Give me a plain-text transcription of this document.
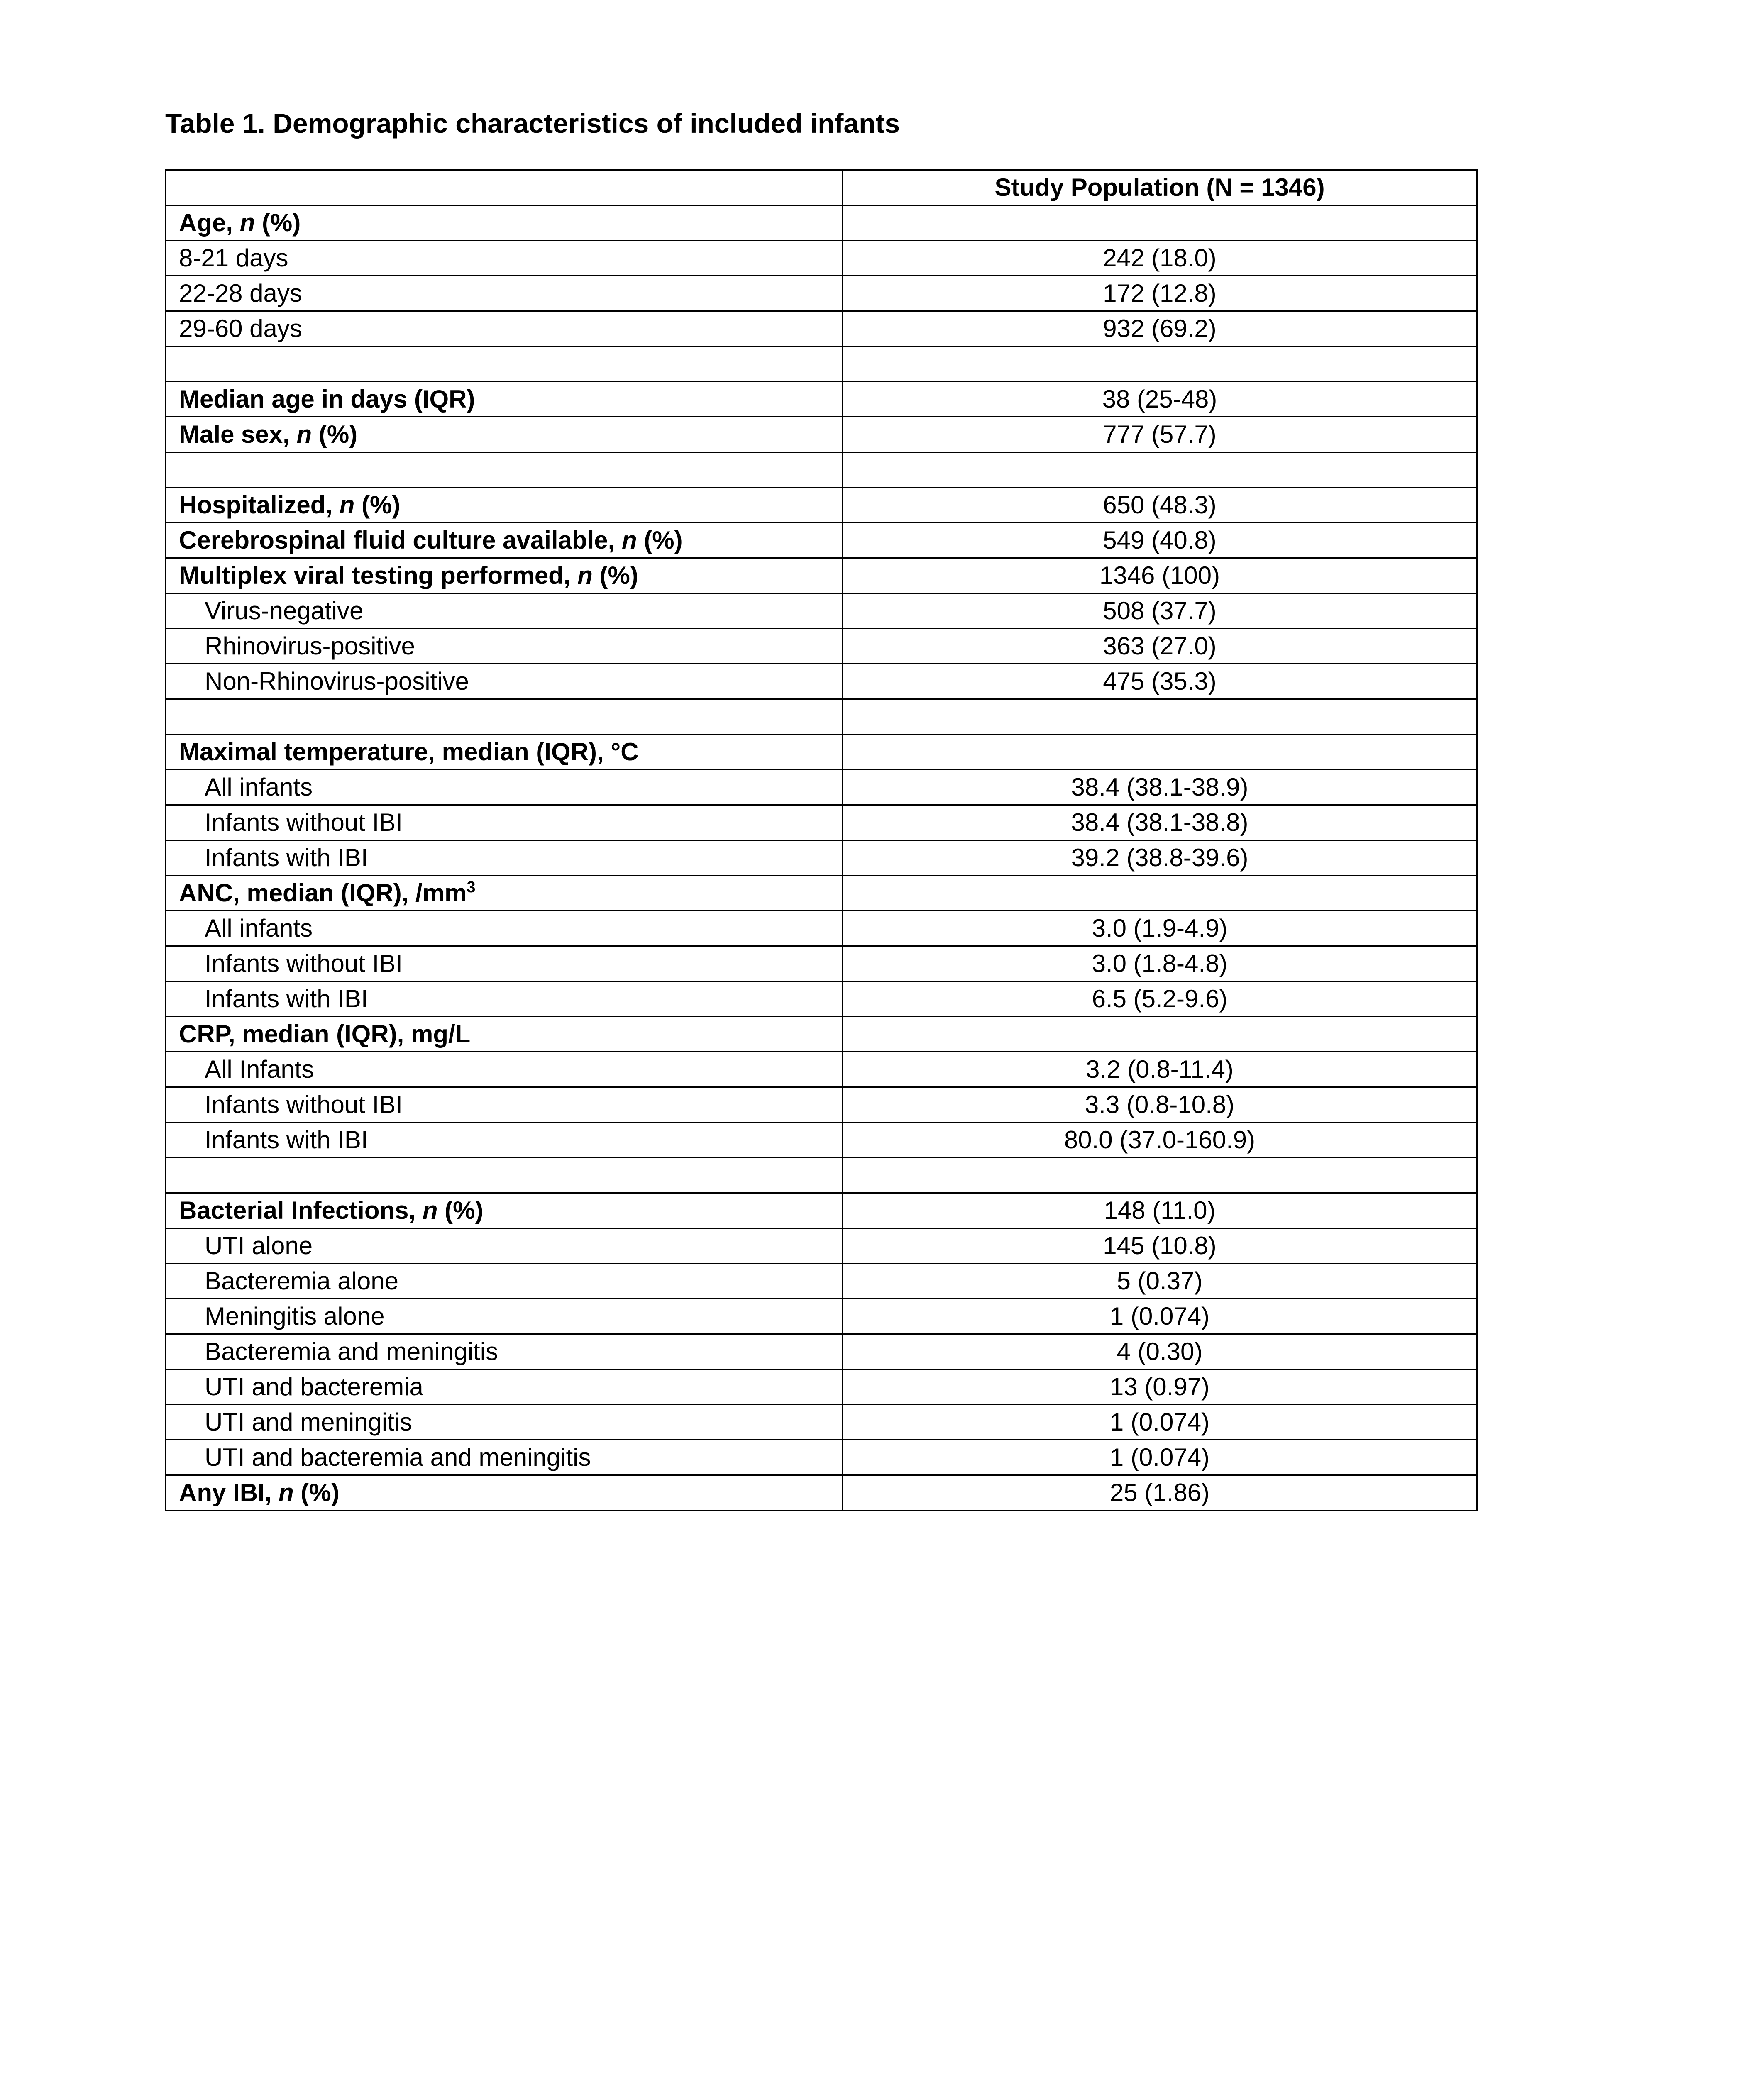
Table 1. Demographic characteristics of included infants
	Study Population (N = 1346)
Age, n (%)	
8-21 days	242 (18.0)
22-28 days	172 (12.8)
29-60 days	932 (69.2)

Median age in days (IQR)	38 (25-48)
Male sex, n (%)	777 (57.7)

Hospitalized, n (%)	650 (48.3)
Cerebrospinal fluid culture available, n (%)	549 (40.8)
Multiplex viral testing performed, n (%)	1346 (100)
Virus-negative	508 (37.7)
Rhinovirus-positive	363 (27.0)
Non-Rhinovirus-positive	475 (35.3)

Maximal temperature, median (IQR), °C	
All infants	38.4 (38.1-38.9)
Infants without IBI	38.4 (38.1-38.8)
Infants with IBI	39.2 (38.8-39.6)
ANC, median (IQR), $/mm^3$	
All infants	3.0 (1.9-4.9)
Infants without IBI	3.0 (1.8-4.8)
Infants with IBI	6.5 (5.2-9.6)
CRP, median (IQR), mg/L	
All Infants	3.2 (0.8-11.4)
Infants without IBI	3.3 (0.8-10.8)
Infants with IBI	80.0 (37.0-160.9)

Bacterial Infections, n (%)	148 (11.0)
UTI alone	145 (10.8)
Bacteremia alone	5 (0.37)
Meningitis alone	1 (0.074)
Bacteremia and meningitis	4 (0.30)
UTI and bacteremia	13 (0.97)
UTI and meningitis	1 (0.074)
UTI and bacteremia and meningitis	1 (0.074)
Any IBI, n (%)	25 (1.86)
